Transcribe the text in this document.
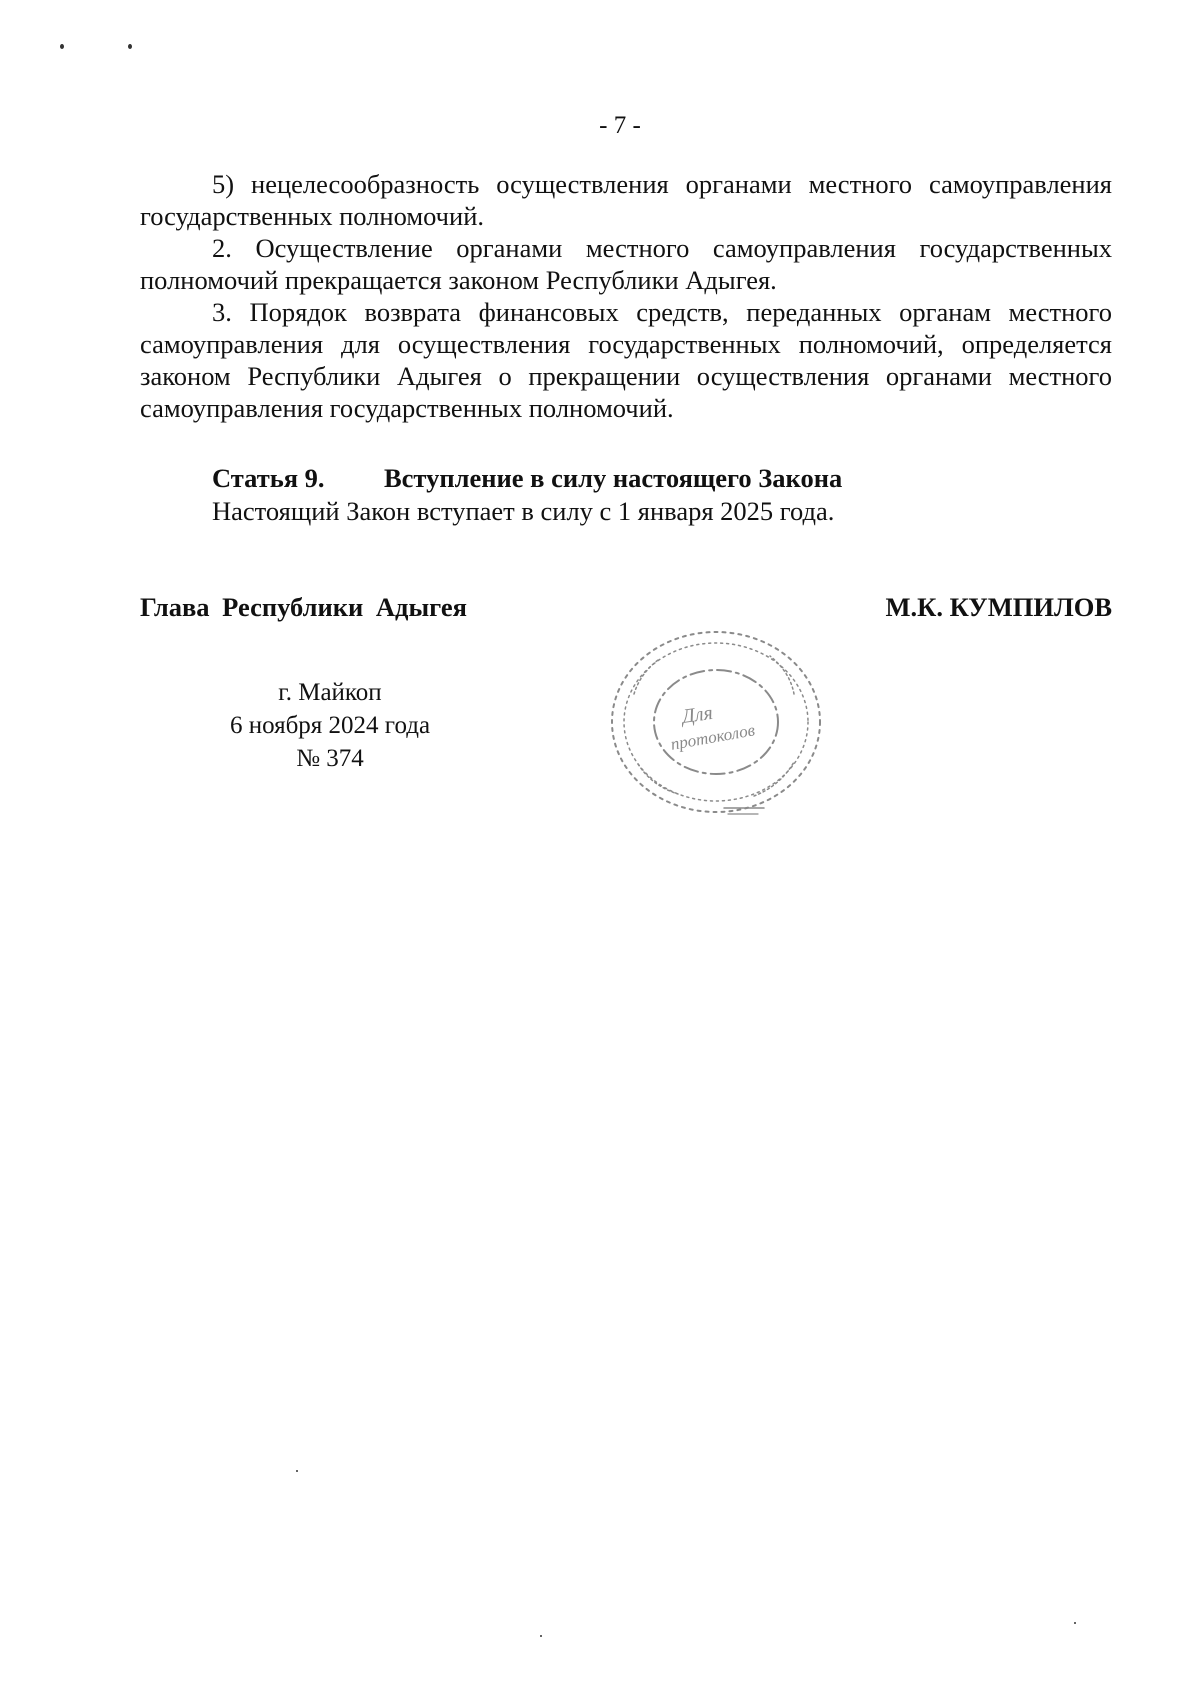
- 7 -

5) нецелесообразность осуществления органами местного самоуправления государственных полномочий.

2. Осуществление органами местного самоуправления государственных полномочий прекращается законом Республики Адыгея.

3. Порядок возврата финансовых средств, переданных органам местного самоуправления для осуществления государственных полномочий, определяется законом Республики Адыгея о прекращении осуществления органами местного самоуправления государственных полномочий.

Статья 9. Вступление в силу настоящего Закона
Настоящий Закон вступает в силу с 1 января 2025 года.
Глава Республики Адыгея	М.К. КУМПИЛОВ
г. Майкоп
6 ноября 2024 года
№ 374
Для
протоколов
